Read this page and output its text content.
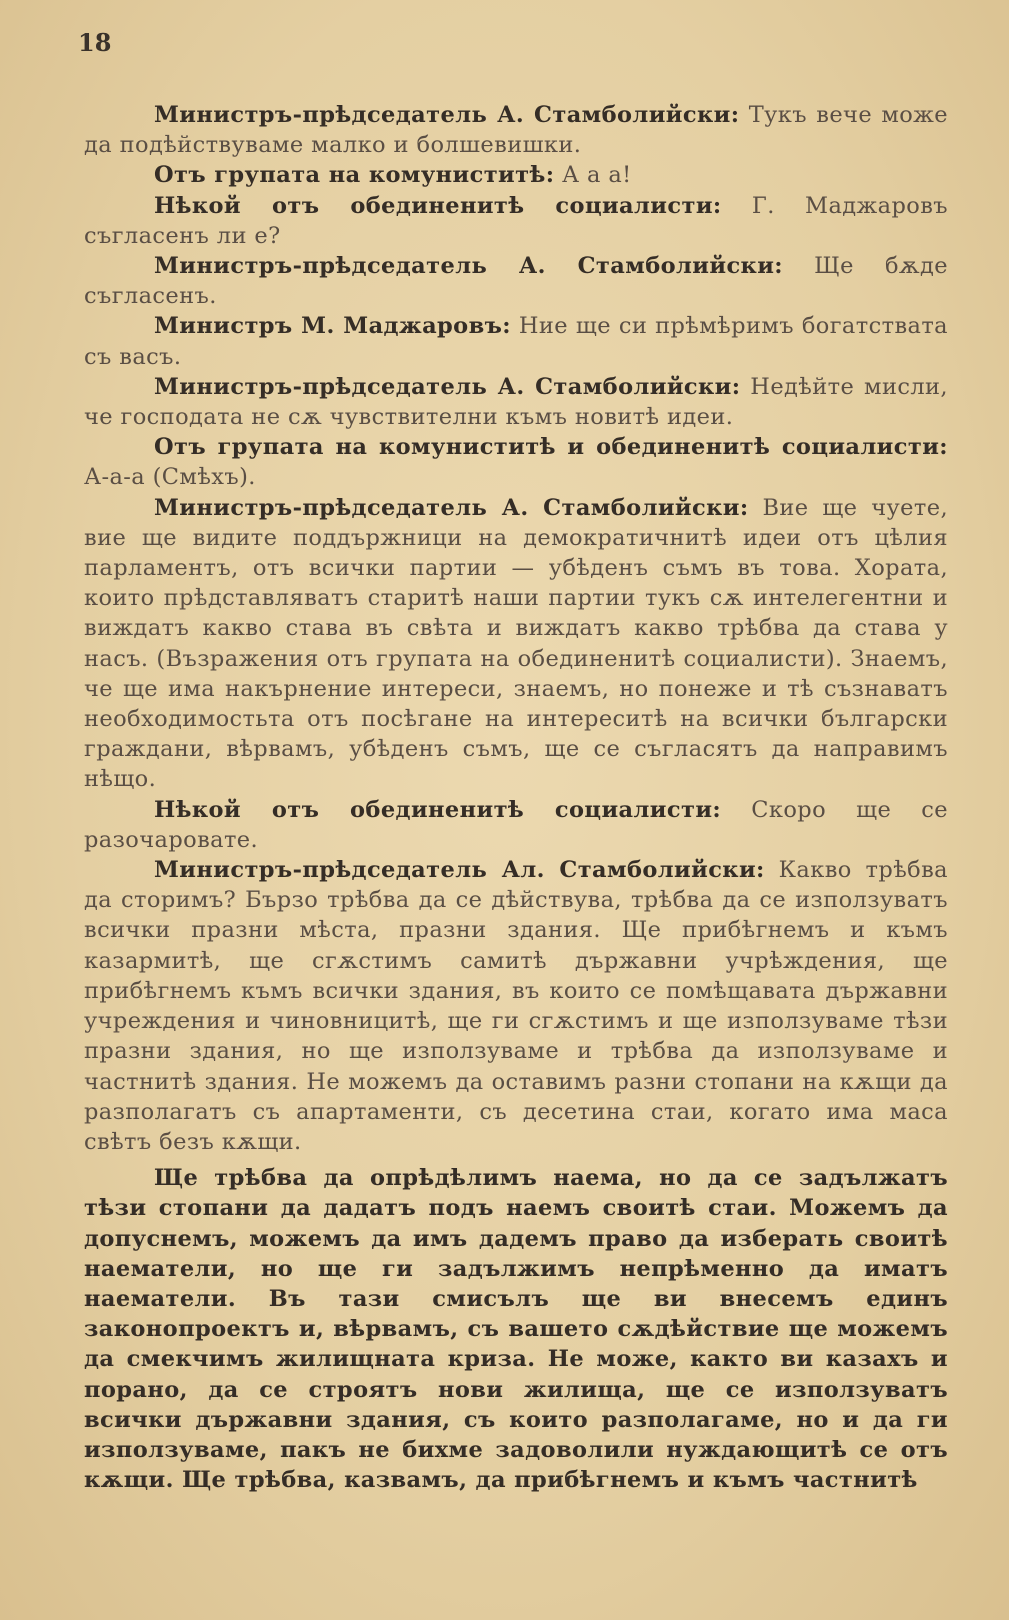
18

Министръ-прѣдседатель А. Стамболийски: Тукъ вече може да подѣйствуваме малко и болшевишки.

Отъ групата на комуниститѣ: А а а!

Нѣкой отъ обединенитѣ социалисти: Г. Маджаровъ съгласенъ ли е?

Министръ-прѣдседатель А. Стамболийски: Ще бѫде съгласенъ.

Министръ М. Маджаровъ: Ние ще си прѣмѣримъ богатствата съ васъ.

Министръ-прѣдседатель А. Стамболийски: Недѣйте мисли, че господата не сѫ чувствителни къмъ новитѣ идеи.

Отъ групата на комуниститѣ и обединенитѣ социалисти: А-а-а (Смѣхъ).

Министръ-прѣдседатель А. Стамболийски: Вие ще чуете, вие ще видите поддържници на демократичнитѣ идеи отъ цѣлия парламентъ, отъ всички партии — убѣденъ съмъ въ това. Хората, които прѣдставляватъ старитѣ наши партии тукъ сѫ интелегентни и виждатъ какво става въ свѣта и виждатъ какво трѣбва да става у насъ. (Възражения отъ групата на обединенитѣ социалисти). Знаемъ, че ще има накърнение интереси, знаемъ, но понеже и тѣ съзнаватъ необходимостьта отъ посѣгане на интереситѣ на всички български граждани, вѣрвамъ, убѣденъ съмъ, ще се съгласятъ да направимъ нѣщо.

Нѣкой отъ обединенитѣ социалисти: Скоро ще се разочаровате.

Министръ-прѣдседатель Ал. Стамболийски: Какво трѣбва да сторимъ? Бързо трѣбва да се дѣйствува, трѣбва да се използуватъ всички празни мѣста, празни здания. Ще прибѣгнемъ и къмъ казармитѣ, ще сгѫстимъ самитѣ държавни учрѣждения, ще прибѣгнемъ къмъ всички здания, въ които се помѣщавата държавни учреждения и чиновницитѣ, ще ги сгѫстимъ и ще използуваме тѣзи празни здания, но ще използуваме и трѣбва да използуваме и частнитѣ здания. Не можемъ да оставимъ разни стопани на кѫщи да разполагатъ съ апартаменти, съ десетина стаи, когато има маса свѣтъ безъ кѫщи.

Ще трѣбва да опрѣдѣлимъ наема, но да се задължатъ тѣзи стопани да дадатъ подъ наемъ своитѣ стаи. Можемъ да допуснемъ, можемъ да имъ дадемъ право да изберать своитѣ наематели, но ще ги задължимъ непрѣменно да иматъ наематели. Въ тази смисълъ ще ви внесемъ единъ законопроектъ и, вѣрвамъ, съ вашето сѫдѣйствие ще можемъ да смекчимъ жилищната криза. Не може, както ви казахъ и порано, да се строятъ нови жилища, ще се използуватъ всички държавни здания, съ които разполагаме, но и да ги използуваме, пакъ не бихме задоволили нуждающитѣ се отъ кѫщи. Ще трѣбва, казвамъ, да прибѣгнемъ и къмъ частнитѣ
